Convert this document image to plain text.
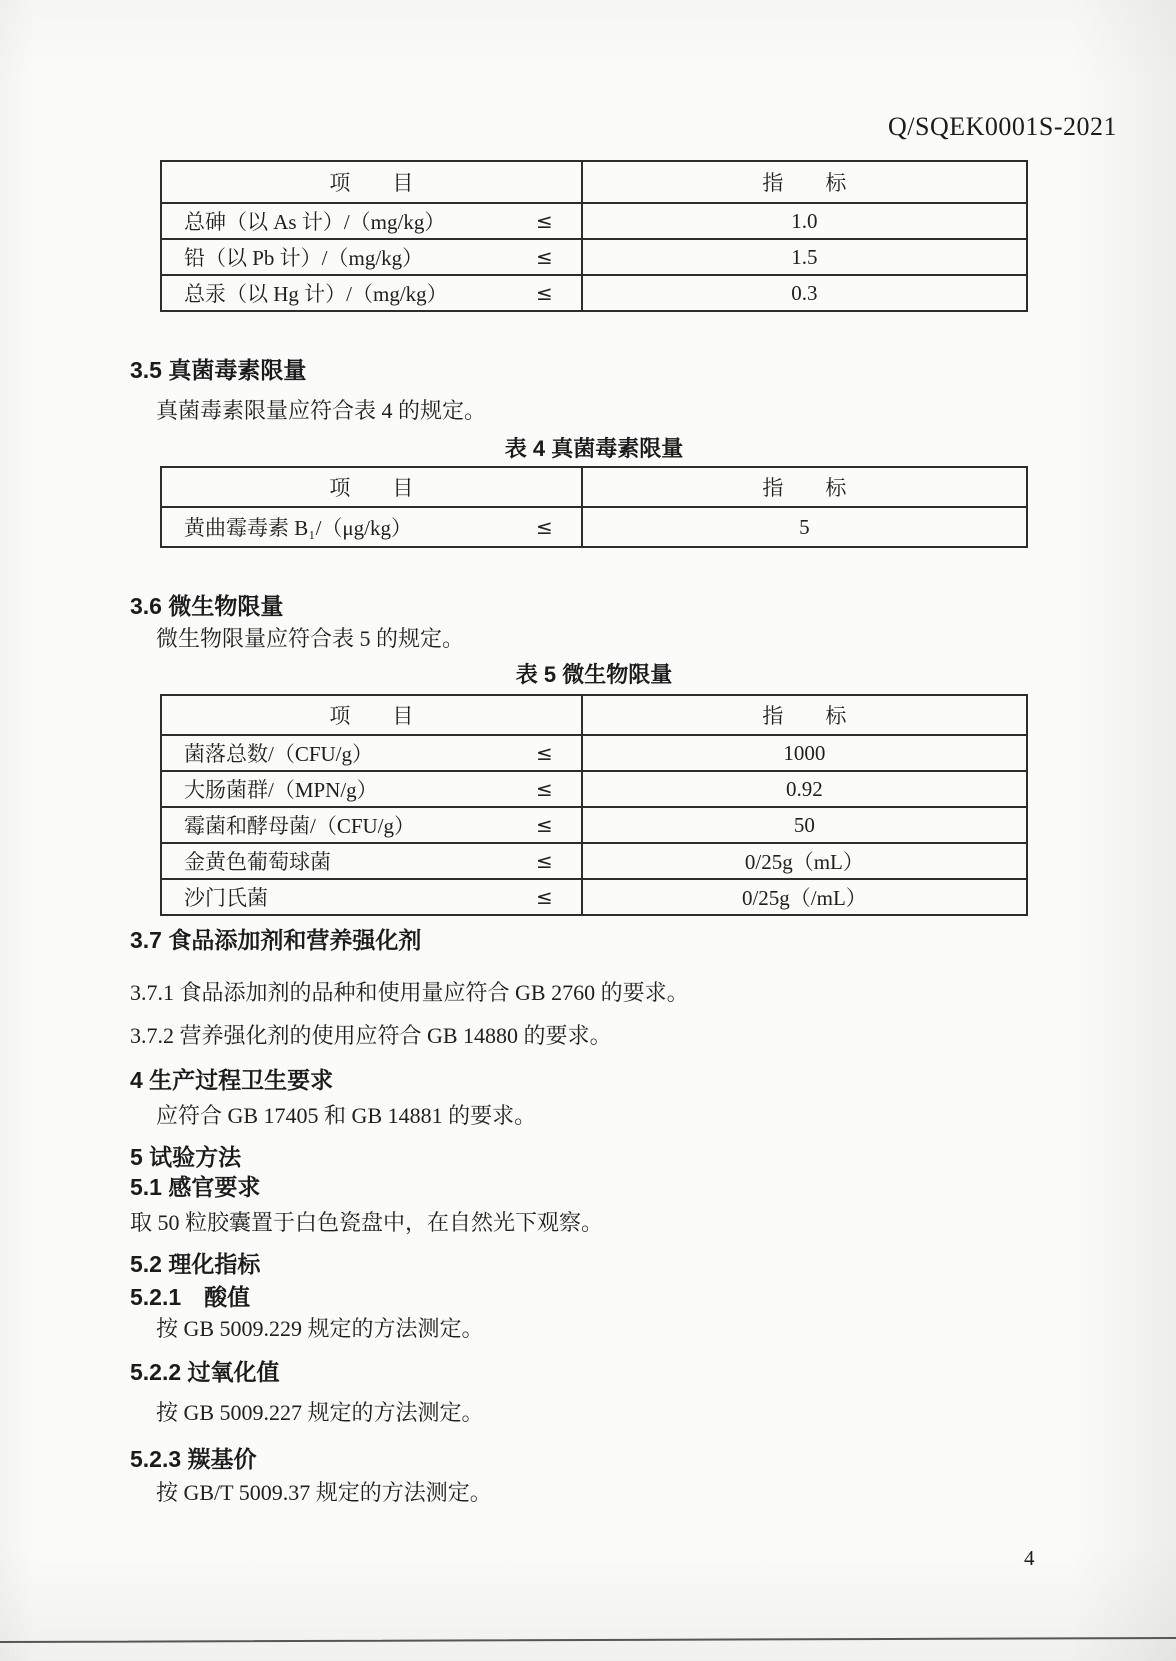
Q/SQEK0001S-2021
项　　目	指　　标
总砷（以 As 计）/（mg/kg）	≤	1.0
铅（以 Pb 计）/（mg/kg）	≤	1.5
总汞（以 Hg 计）/（mg/kg）	≤	0.3
3.5 真菌毒素限量
真菌毒素限量应符合表 4 的规定。
表 4 真菌毒素限量
项　　目	指　　标
黄曲霉毒素 B₁/（μg/kg）	≤	5
3.6 微生物限量
微生物限量应符合表 5 的规定。
表 5 微生物限量
项　　目	指　　标
菌落总数/（CFU/g）	≤	1000
大肠菌群/（MPN/g）	≤	0.92
霉菌和酵母菌/（CFU/g）	≤	50
金黄色葡萄球菌	≤	0/25g（mL）
沙门氏菌	≤	0/25g（/mL）
3.7 食品添加剂和营养强化剂
3.7.1 食品添加剂的品种和使用量应符合 GB 2760 的要求。
3.7.2 营养强化剂的使用应符合 GB 14880 的要求。
4 生产过程卫生要求
应符合 GB 17405 和 GB 14881 的要求。
5 试验方法
5.1 感官要求
取 50 粒胶囊置于白色瓷盘中，在自然光下观察。
5.2 理化指标
5.2.1　酸值
按 GB 5009.229 规定的方法测定。
5.2.2 过氧化值
按 GB 5009.227 规定的方法测定。
5.2.3 羰基价
按 GB/T 5009.37 规定的方法测定。
4
